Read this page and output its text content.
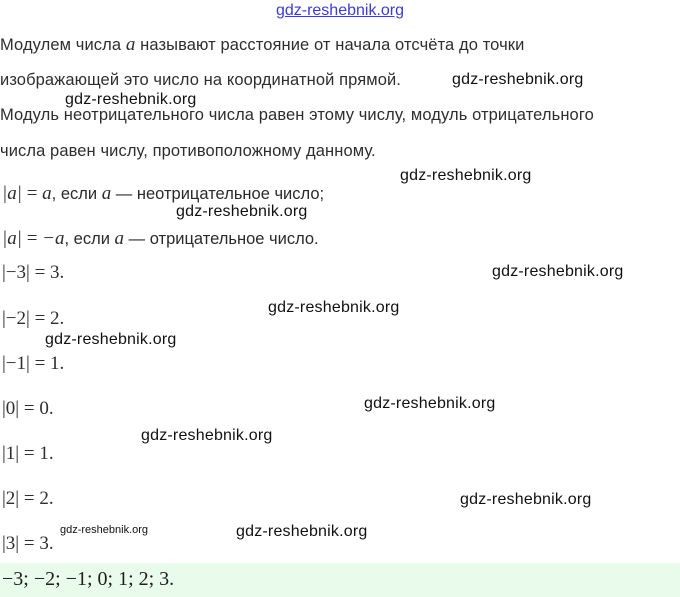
gdz-reshebnik.org
Модулем числа a называют расстояние от начала отсчёта до точки
изображающей это число на координатной прямой.
Модуль неотрицательного числа равен этому числу, модуль отрицательного
числа равен числу, противоположному данному.
|a| = a, если a — неотрицательное число;
|a| = −a, если a — отрицательное число.
|−3| = 3.
|−2| = 2.
|−1| = 1.
|0| = 0.
|1| = 1.
|2| = 2.
|3| = 3.
−3; −2; −1; 0; 1; 2; 3.
gdz-reshebnik.org
gdz-reshebnik.org
gdz-reshebnik.org
gdz-reshebnik.org
gdz-reshebnik.org
gdz-reshebnik.org
gdz-reshebnik.org
gdz-reshebnik.org
gdz-reshebnik.org
gdz-reshebnik.org
gdz-reshebnik.org
gdz-reshebnik.org
